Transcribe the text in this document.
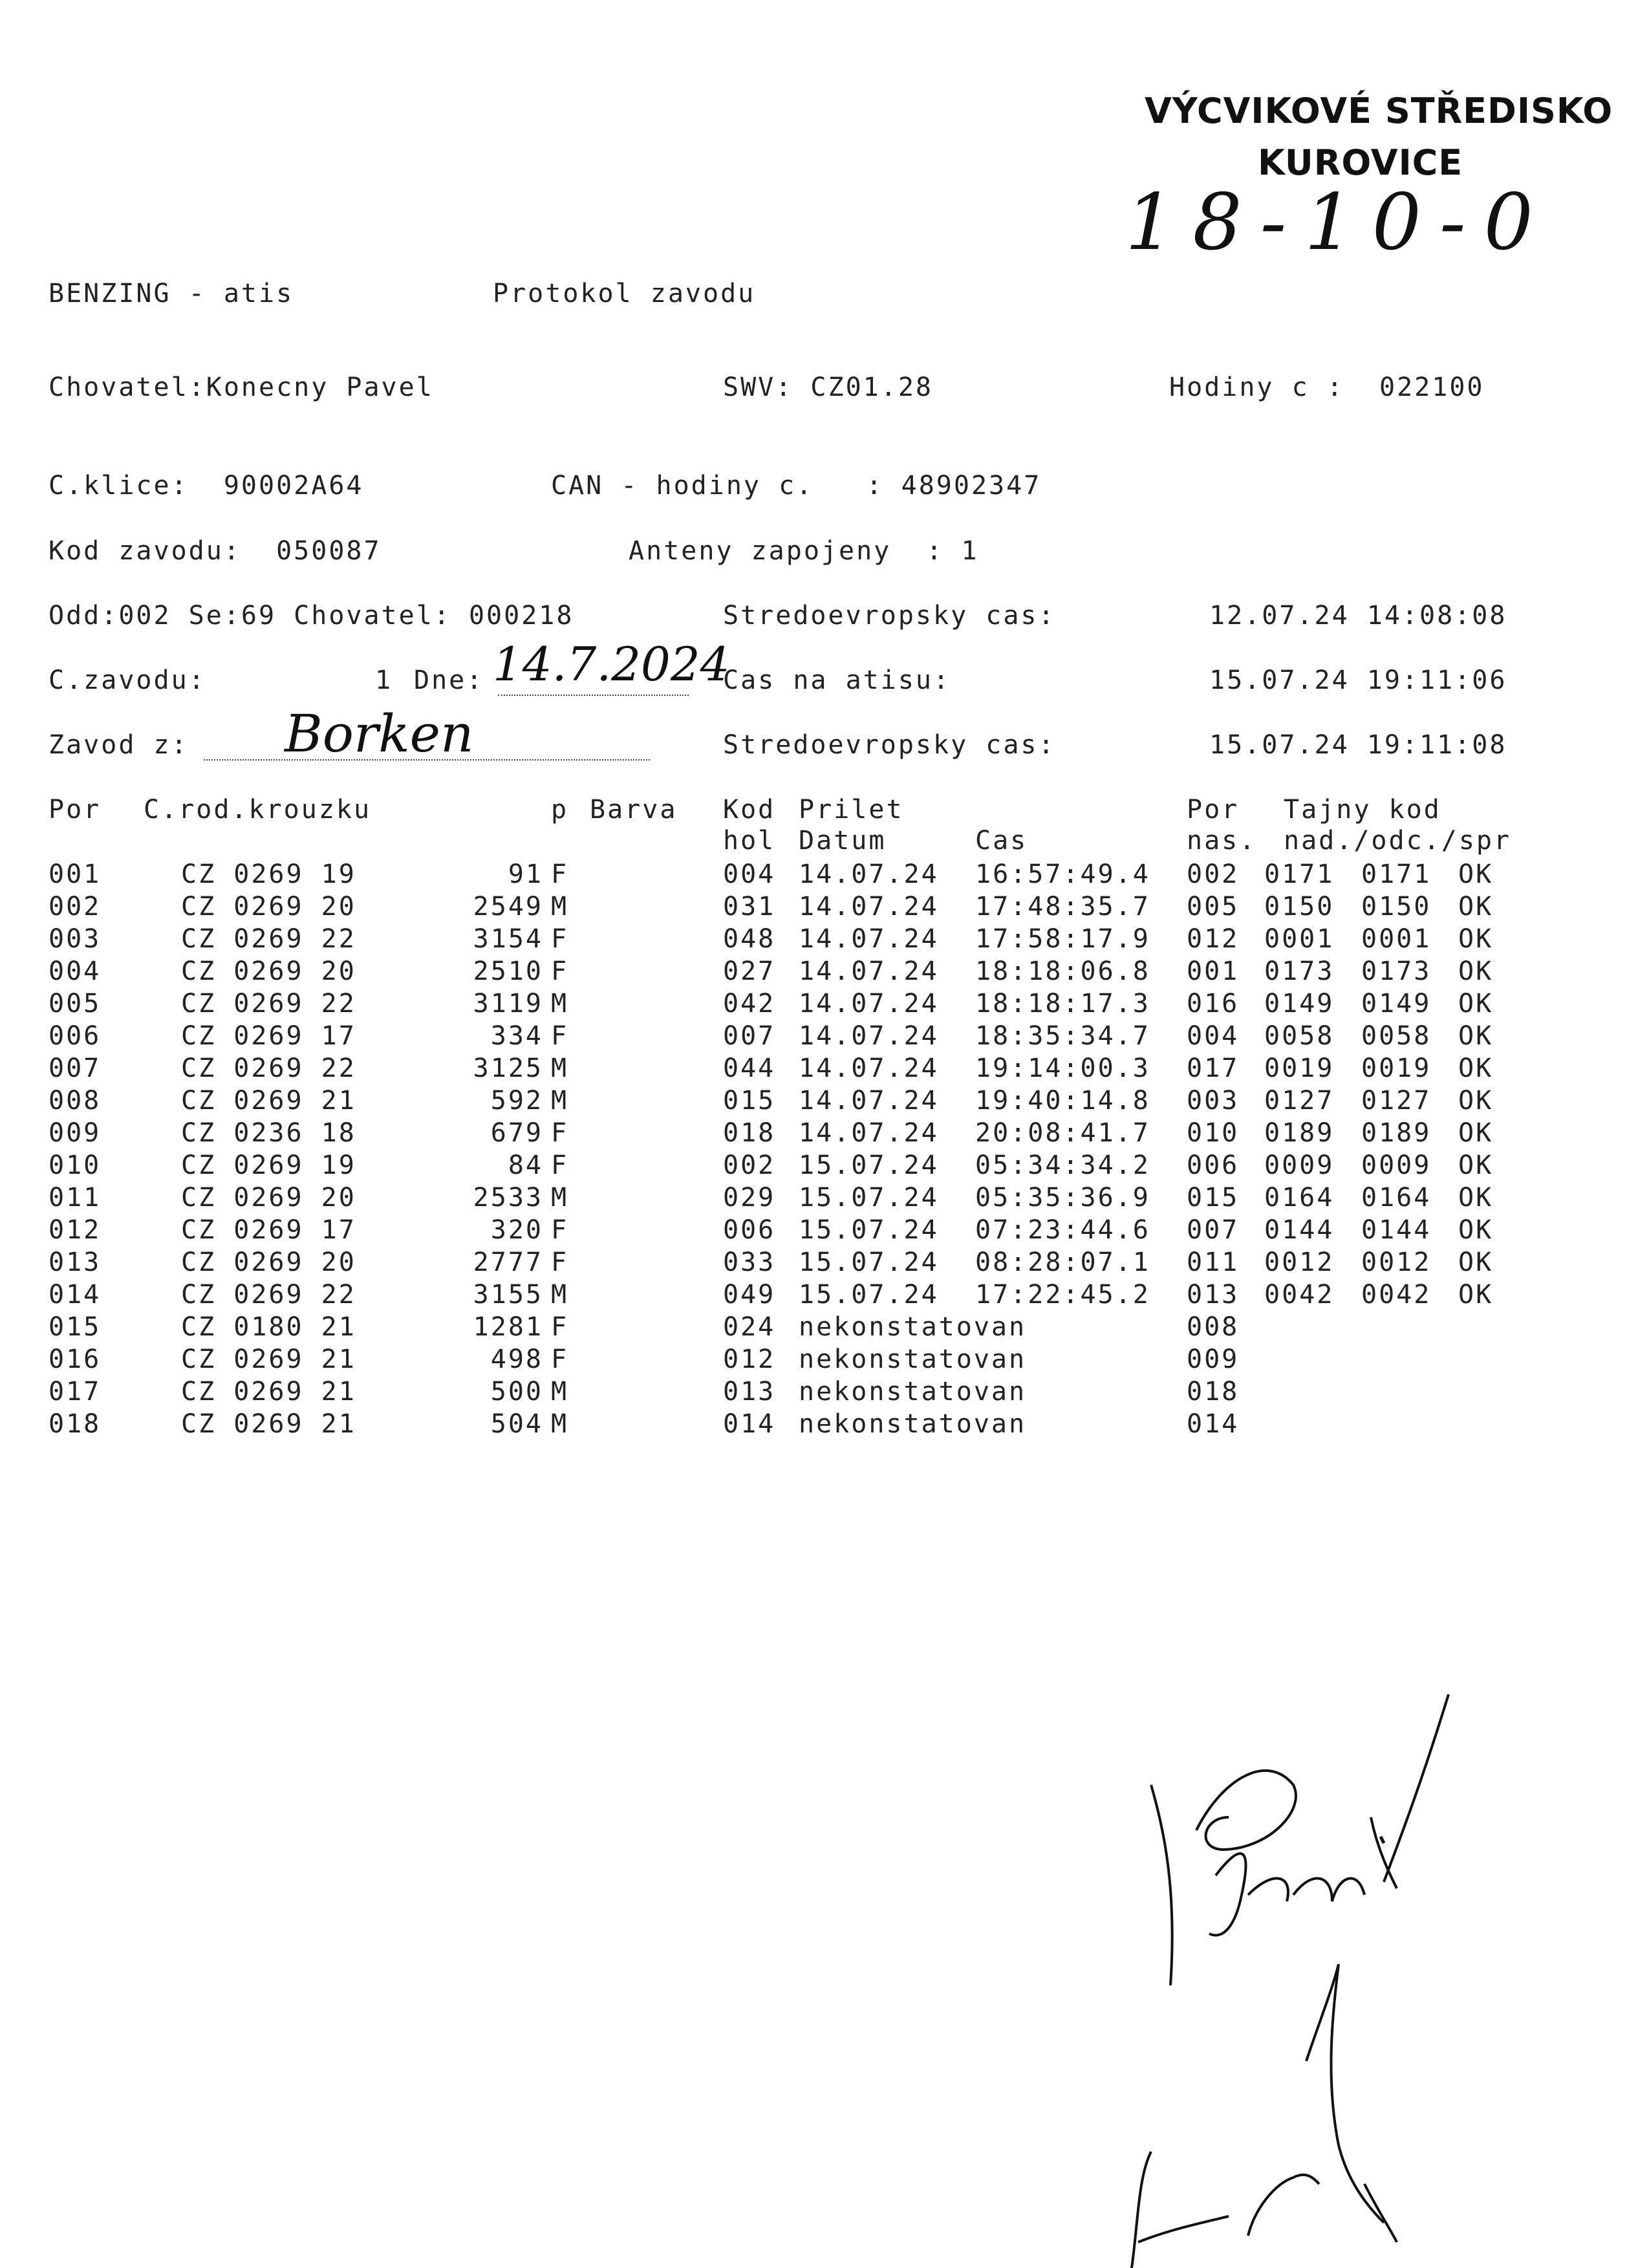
VÝCVIKOVÉ STŘEDISKO
KUROVICE
18-10-0
BENZING - atis	Protokol zavodu
Chovatel:Konecny Pavel	SWV: CZ01.28	Hodiny c :  022100
C.klice:  90002A64	CAN - hodiny c.   : 48902347
Kod zavodu:  050087	Anteny zapojeny  : 1
Odd:002 Se:69 Chovatel: 000218	Stredoevropsky cas:	12.07.24 14:08:08
C.zavodu:	1 Dne: 14.7.2024
Cas na atisu:	15.07.24 19:11:06
Zavod z: Borken	Stredoevropsky cas:	15.07.24 19:11:08
Por C.rod.krouzku	p Barva Kod Prilet	Por Tajny kod
hol Datum	Cas	nas. nad./odc./spr
001	CZ 0269 19	91 F	004 14.07.24 16:57:49.4 002 0171 0171 OK
002	CZ 0269 20	2549 M	031 14.07.24 17:48:35.7 005 0150 0150 OK
003	CZ 0269 22	3154 F	048 14.07.24 17:58:17.9 012 0001 0001 OK
004	CZ 0269 20	2510 F	027 14.07.24 18:18:06.8 001 0173 0173 OK
005	CZ 0269 22	3119 M	042 14.07.24 18:18:17.3 016 0149 0149 OK
006	CZ 0269 17	334 F	007 14.07.24 18:35:34.7 004 0058 0058 OK
007	CZ 0269 22	3125 M	044 14.07.24 19:14:00.3 017 0019 0019 OK
008	CZ 0269 21	592 M	015 14.07.24 19:40:14.8 003 0127 0127 OK
009	CZ 0236 18	679 F	018 14.07.24 20:08:41.7 010 0189 0189 OK
010	CZ 0269 19	84 F	002 15.07.24 05:34:34.2 006 0009 0009 OK
011	CZ 0269 20	2533 M	029 15.07.24 05:35:36.9 015 0164 0164 OK
012	CZ 0269 17	320 F	006 15.07.24 07:23:44.6 007 0144 0144 OK
013	CZ 0269 20	2777 F	033 15.07.24 08:28:07.1 011 0012 0012 OK
014	CZ 0269 22	3155 M	049 15.07.24 17:22:45.2 013 0042 0042 OK
015	CZ 0180 21	1281 F	024 nekonstatovan	008
016	CZ 0269 21	498 F	012 nekonstatovan	009
017	CZ 0269 21	500 M	013 nekonstatovan	018
018	CZ 0269 21	504 M	014 nekonstatovan	014
